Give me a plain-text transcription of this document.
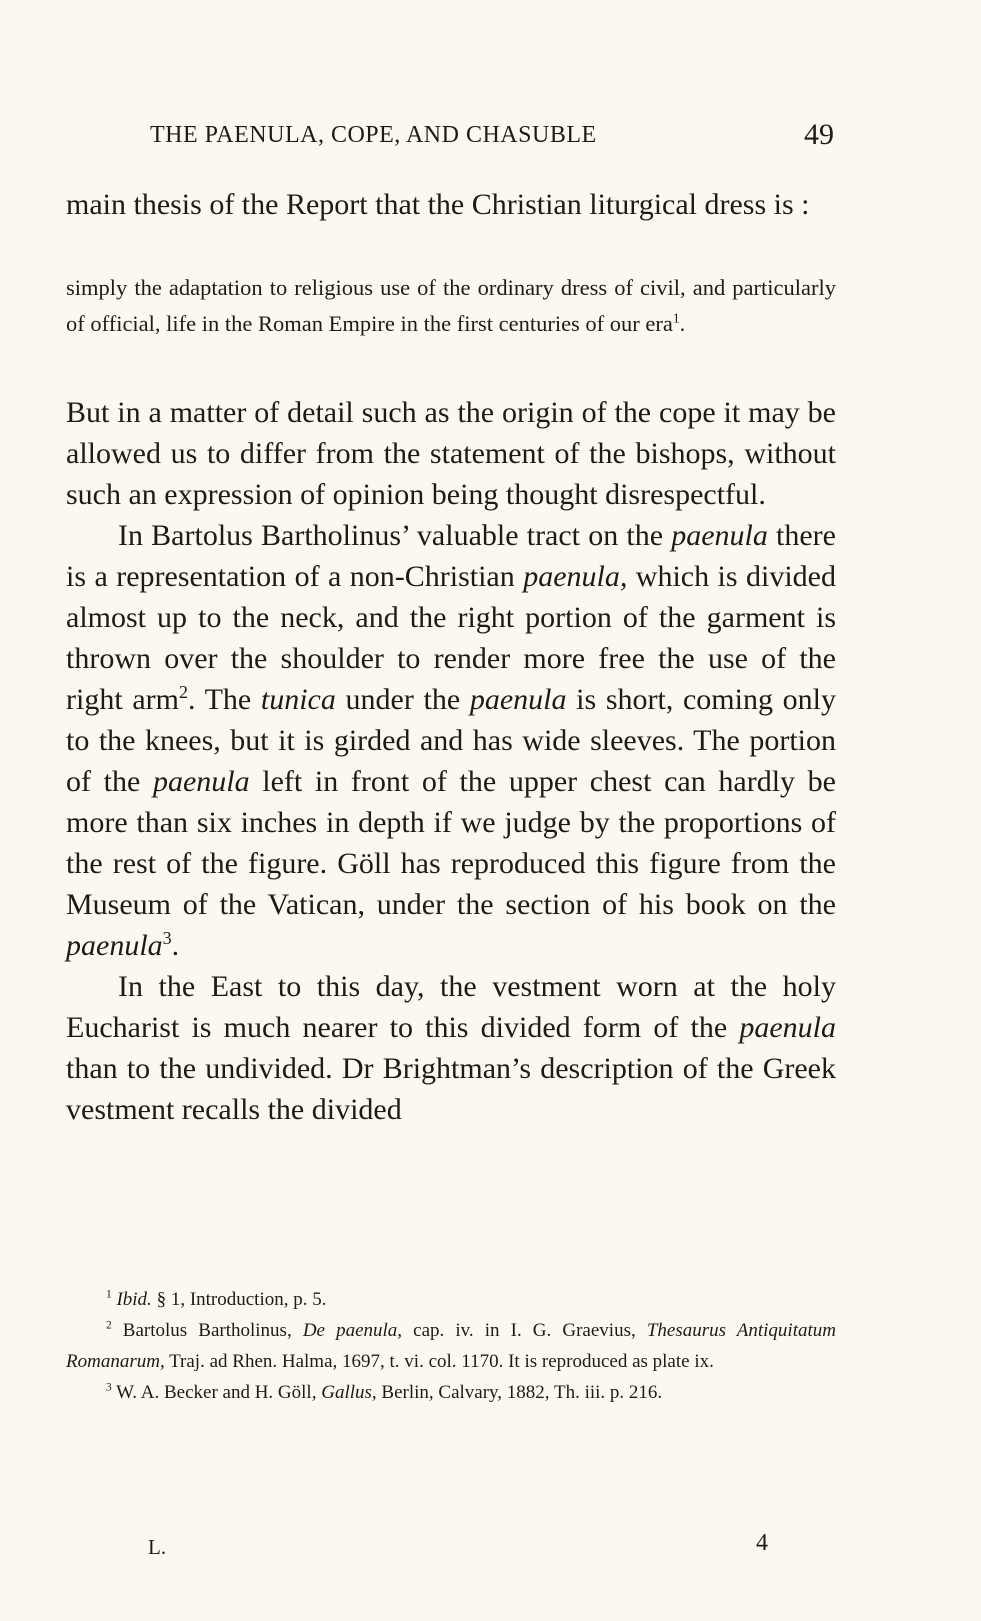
THE PAENULA, COPE, AND CHASUBLE	49

main thesis of the Report that the Christian liturgical dress is :

simply the adaptation to religious use of the ordinary dress of civil, and particularly of official, life in the Roman Empire in the first centuries of our era$^1$.

But in a matter of detail such as the origin of the cope it may be allowed us to differ from the statement of the bishops, without such an expression of opinion being thought disrespectful.

In Bartolus Bartholinus’ valuable tract on the paenula there is a representation of a non-Christian paenula, which is divided almost up to the neck, and the right portion of the garment is thrown over the shoulder to render more free the use of the right arm$^2$. The tunica under the paenula is short, coming only to the knees, but it is girded and has wide sleeves. The portion of the paenula left in front of the upper chest can hardly be more than six inches in depth if we judge by the proportions of the rest of the figure. Göll has reproduced this figure from the Museum of the Vatican, under the section of his book on the paenula$^3$.

In the East to this day, the vestment worn at the holy Eucharist is much nearer to this divided form of the paenula than to the undivided. Dr Brightman’s description of the Greek vestment recalls the divided

$^1$ Ibid. § 1, Introduction, p. 5.

$^2$ Bartolus Bartholinus, De paenula, cap. iv. in I. G. Graevius, Thesaurus Antiquitatum Romanarum, Traj. ad Rhen. Halma, 1697, t. vi. col. 1170. It is reproduced as plate ix.

$^3$ W. A. Becker and H. Göll, Gallus, Berlin, Calvary, 1882, Th. iii. p. 216.

L.	4
